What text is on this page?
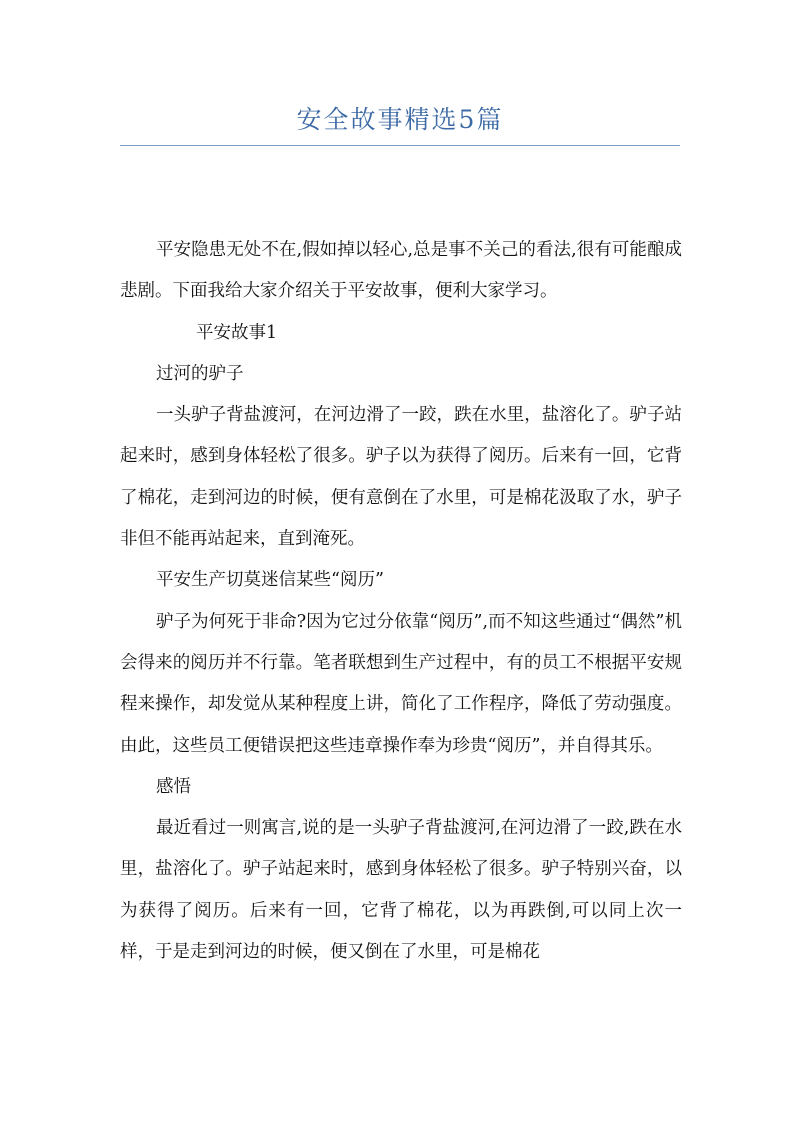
安全故事精选5篇

平安隐患无处不在,假如掉以轻心,总是事不关己的看法,很有可能酿成悲剧。下面我给大家介绍关于平安故事，便利大家学习。

平安故事1

过河的驴子

一头驴子背盐渡河，在河边滑了一跤，跌在水里，盐溶化了。驴子站起来时，感到身体轻松了很多。驴子以为获得了阅历。后来有一回，它背了棉花，走到河边的时候，便有意倒在了水里，可是棉花汲取了水，驴子非但不能再站起来，直到淹死。

平安生产切莫迷信某些“阅历”

驴子为何死于非命?因为它过分依靠“阅历”,而不知这些通过“偶然”机会得来的阅历并不行靠。笔者联想到生产过程中，有的员工不根据平安规程来操作，却发觉从某种程度上讲，简化了工作程序，降低了劳动强度。由此，这些员工便错误把这些违章操作奉为珍贵“阅历”，并自得其乐。

感悟

最近看过一则寓言,说的是一头驴子背盐渡河,在河边滑了一跤,跌在水里，盐溶化了。驴子站起来时，感到身体轻松了很多。驴子特别兴奋，以为获得了阅历。后来有一回，它背了棉花，以为再跌倒,可以同上次一样，于是走到河边的时候，便又倒在了水里，可是棉花
